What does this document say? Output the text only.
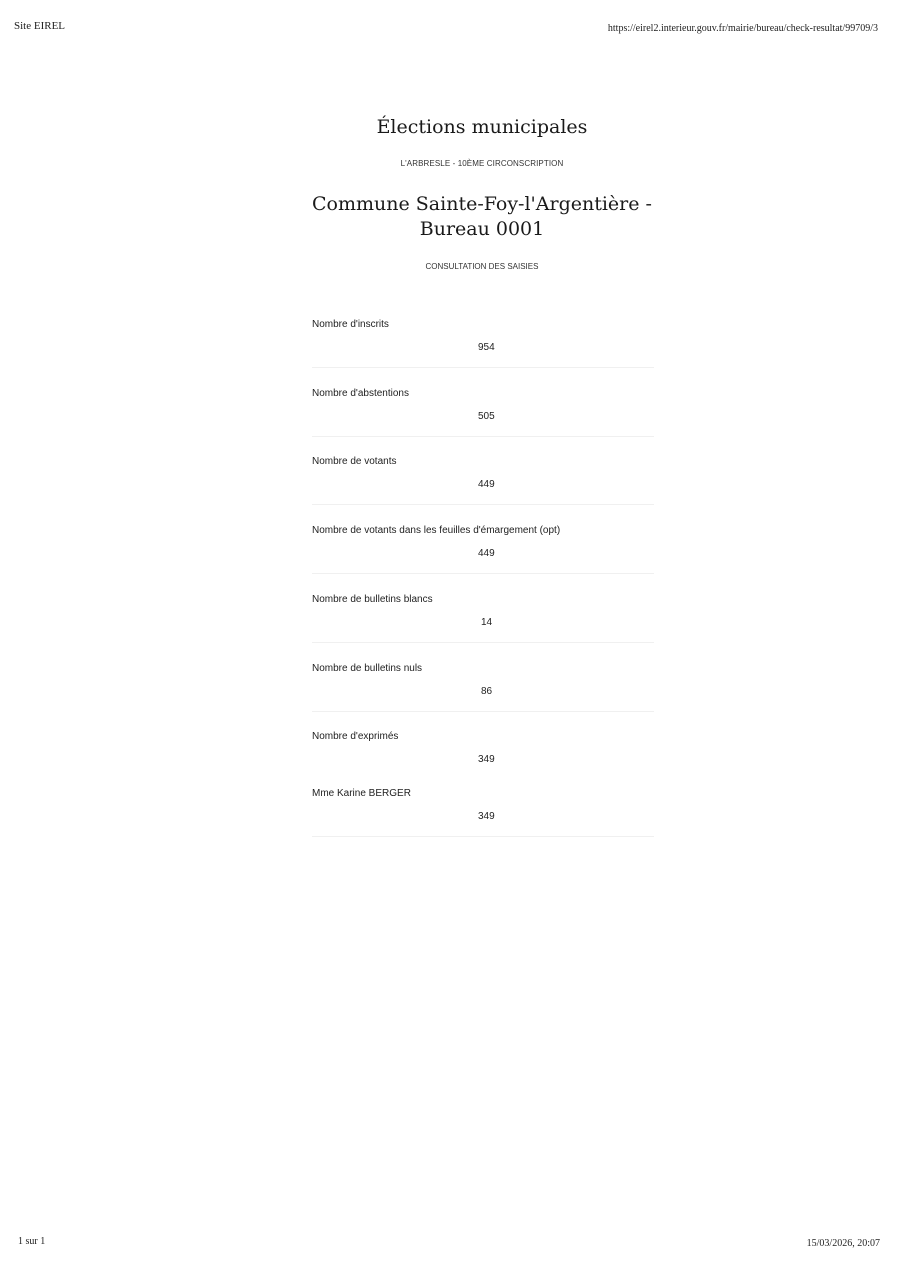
Site EIREL	https://eirel2.interieur.gouv.fr/mairie/bureau/check-resultat/99709/3
Élections municipales
L'ARBRESLE - 10ÈME CIRCONSCRIPTION
Commune Sainte-Foy-l'Argentière - Bureau 0001
CONSULTATION DES SAISIES
Nombre d'inscrits
954
Nombre d'abstentions
505
Nombre de votants
449
Nombre de votants dans les feuilles d'émargement (opt)
449
Nombre de bulletins blancs
14
Nombre de bulletins nuls
86
Nombre d'exprimés
349
Mme Karine BERGER
349
1 sur 1	15/03/2026, 20:07
